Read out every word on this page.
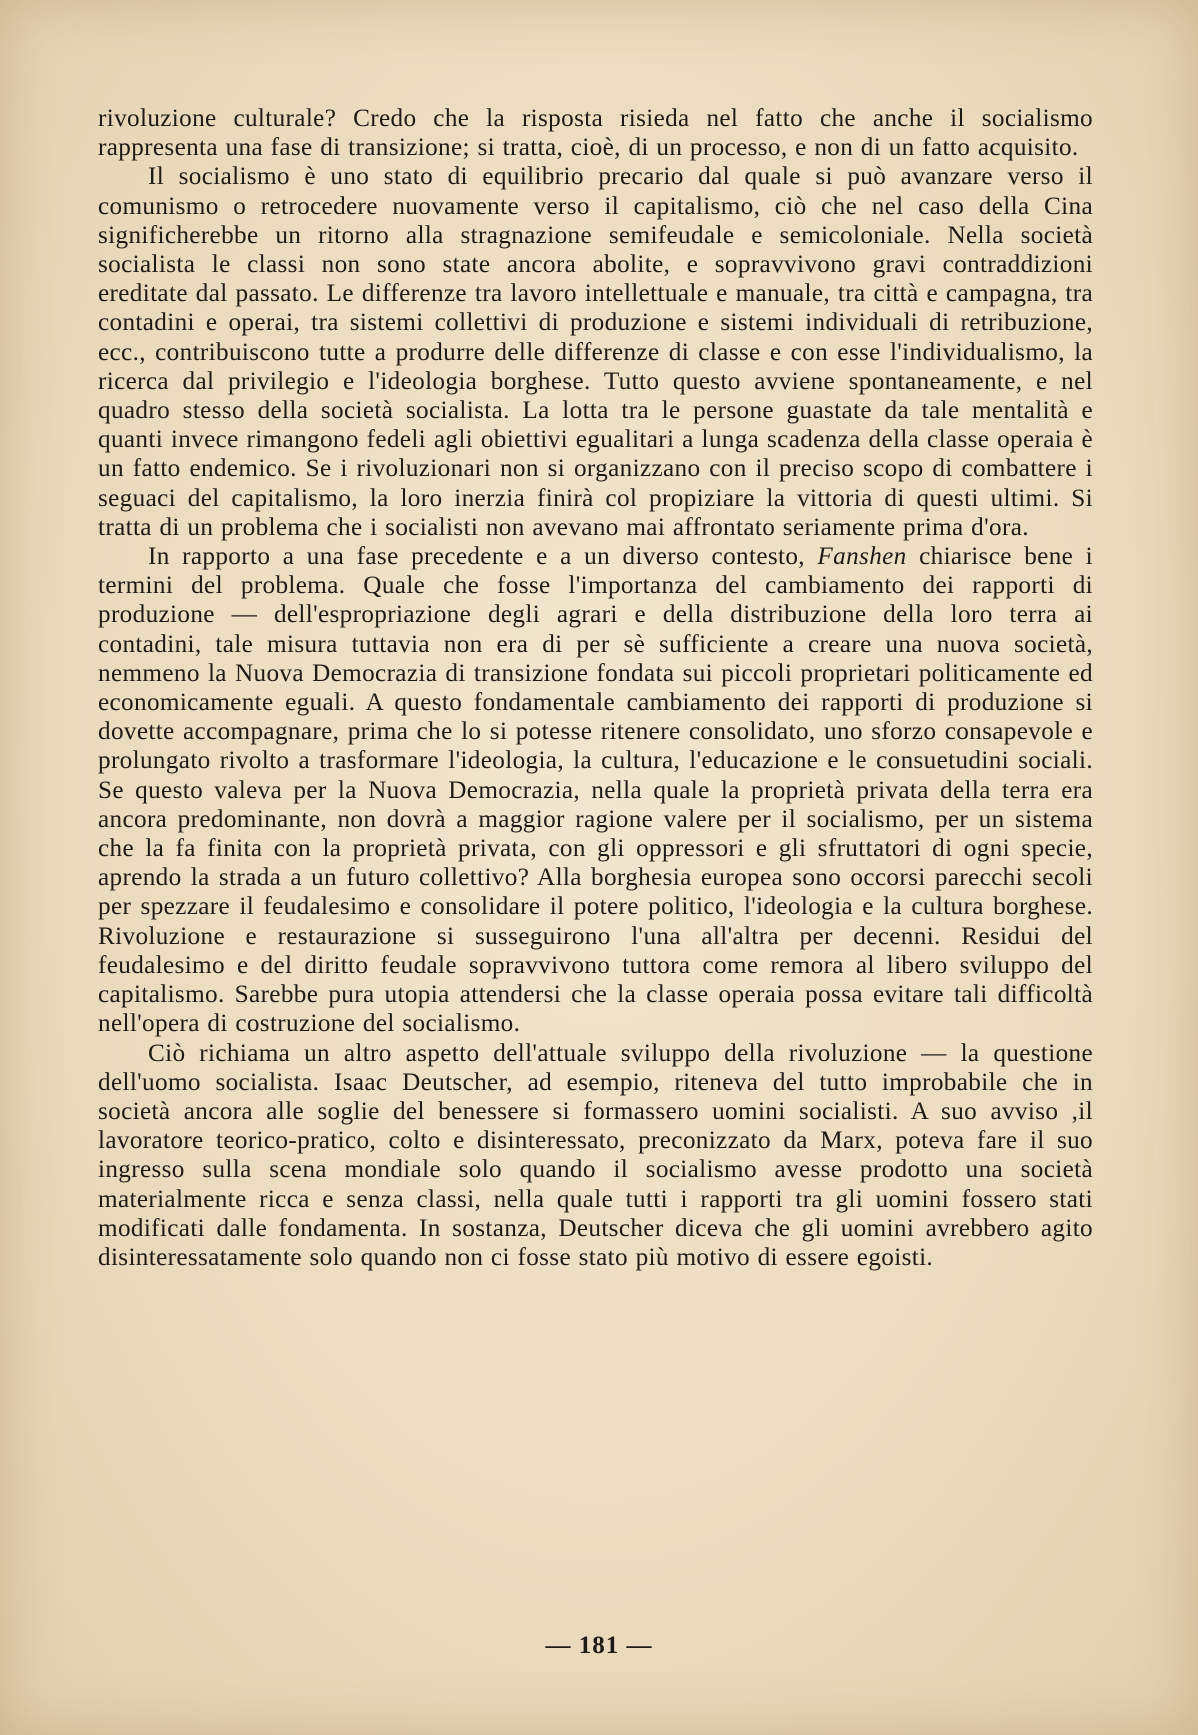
rivoluzione culturale? Credo che la risposta risieda nel fatto che anche il socialismo rappresenta una fase di transizione; si tratta, cioè, di un processo, e non di un fatto acquisito.

Il socialismo è uno stato di equilibrio precario dal quale si può avanzare verso il comunismo o retrocedere nuovamente verso il capitalismo, ciò che nel caso della Cina significherebbe un ritorno alla stragnazione semifeudale e semicoloniale. Nella società socialista le classi non sono state ancora abolite, e sopravvivono gravi contraddizioni ereditate dal passato. Le differenze tra lavoro intellettuale e manuale, tra città e campagna, tra contadini e operai, tra sistemi collettivi di produzione e sistemi individuali di retribuzione, ecc., contribuiscono tutte a produrre delle differenze di classe e con esse l'individualismo, la ricerca dal privilegio e l'ideologia borghese. Tutto questo avviene spontaneamente, e nel quadro stesso della società socialista. La lotta tra le persone guastate da tale mentalità e quanti invece rimangono fedeli agli obiettivi egualitari a lunga scadenza della classe operaia è un fatto endemico. Se i rivoluzionari non si organizzano con il preciso scopo di combattere i seguaci del capitalismo, la loro inerzia finirà col propiziare la vittoria di questi ultimi. Si tratta di un problema che i socialisti non avevano mai affrontato seriamente prima d'ora.

In rapporto a una fase precedente e a un diverso contesto, Fanshen chiarisce bene i termini del problema. Quale che fosse l'importanza del cambiamento dei rapporti di produzione — dell'espropriazione degli agrari e della distribuzione della loro terra ai contadini, tale misura tuttavia non era di per sè sufficiente a creare una nuova società, nemmeno la Nuova Democrazia di transizione fondata sui piccoli proprietari politicamente ed economicamente eguali. A questo fondamentale cambiamento dei rapporti di produzione si dovette accompagnare, prima che lo si potesse ritenere consolidato, uno sforzo consapevole e prolungato rivolto a trasformare l'ideologia, la cultura, l'educazione e le consuetudini sociali. Se questo valeva per la Nuova Democrazia, nella quale la proprietà privata della terra era ancora predominante, non dovrà a maggior ragione valere per il socialismo, per un sistema che la fa finita con la proprietà privata, con gli oppressori e gli sfruttatori di ogni specie, aprendo la strada a un futuro collettivo? Alla borghesia europea sono occorsi parecchi secoli per spezzare il feudalesimo e consolidare il potere politico, l'ideologia e la cultura borghese. Rivoluzione e restaurazione si susseguirono l'una all'altra per decenni. Residui del feudalesimo e del diritto feudale sopravvivono tuttora come remora al libero sviluppo del capitalismo. Sarebbe pura utopia attendersi che la classe operaia possa evitare tali difficoltà nell'opera di costruzione del socialismo.

Ciò richiama un altro aspetto dell'attuale sviluppo della rivoluzione — la questione dell'uomo socialista. Isaac Deutscher, ad esempio, riteneva del tutto improbabile che in società ancora alle soglie del benessere si formassero uomini socialisti. A suo avviso ,il lavoratore teorico-pratico, colto e disinteressato, preconizzato da Marx, poteva fare il suo ingresso sulla scena mondiale solo quando il socialismo avesse prodotto una società materialmente ricca e senza classi, nella quale tutti i rapporti tra gli uomini fossero stati modificati dalle fondamenta. In sostanza, Deutscher diceva che gli uomini avrebbero agito disinteressatamente solo quando non ci fosse stato più motivo di essere egoisti.

— 181 —
